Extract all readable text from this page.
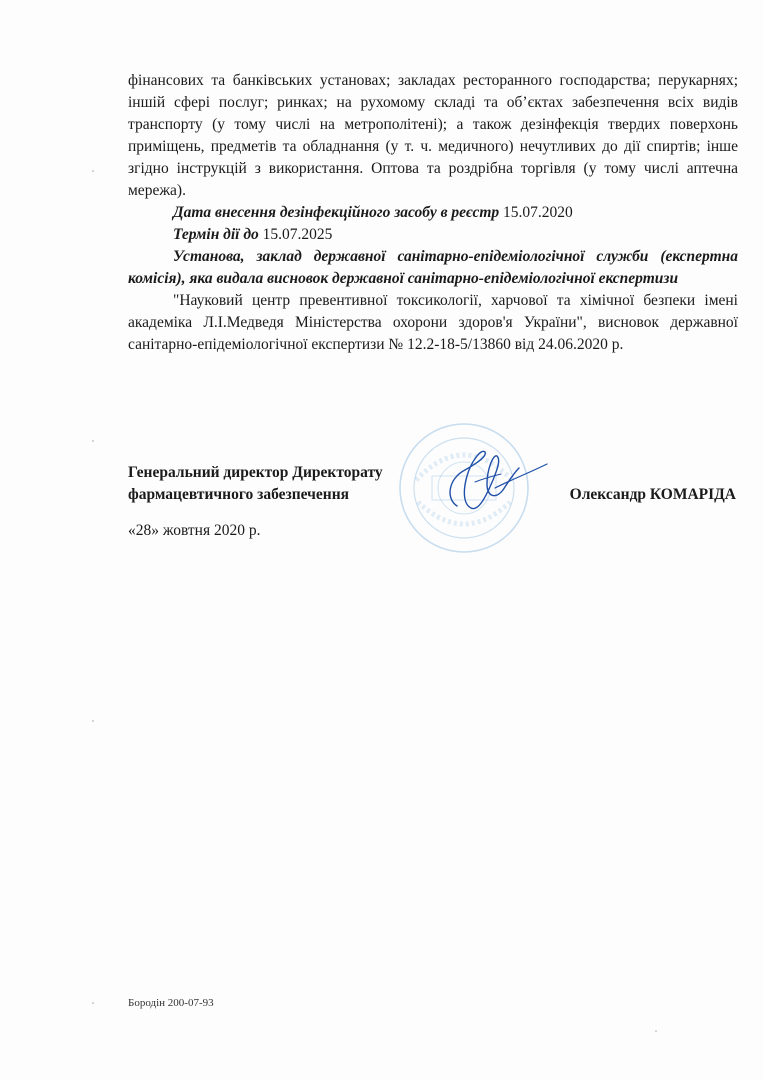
фінансових та банківських установах; закладах ресторанного господарства; перукарнях; іншій сфері послуг; ринках; на рухомому складі та об’єктах забезпечення всіх видів транспорту (у тому числі на метрополітені); а також дезінфекція твердих поверхонь приміщень, предметів та обладнання (у т. ч. медичного) нечутливих до дії спиртів; інше згідно інструкцій з використання. Оптова та роздрібна торгівля (у тому числі аптечна мережа).

Дата внесення дезінфекційного засобу в реєстр 15.07.2020

Термін дії до 15.07.2025

Установа, заклад державної санітарно-епідеміологічної служби (експертна комісія), яка видала висновок державної санітарно-епідеміологічної експертизи

"Науковий центр превентивної токсикології, харчової та хімічної безпеки імені академіка Л.І.Медведя Міністерства охорони здоров'я України", висновок державної санітарно-епідеміологічної експертизи № 12.2-18-5/13860 від 24.06.2020 р.

Генеральний директор Директорату
фармацевтичного забезпечення	Олександр КОМАРІДА
«28» жовтня 2020 р.
Бородін 200-07-93
